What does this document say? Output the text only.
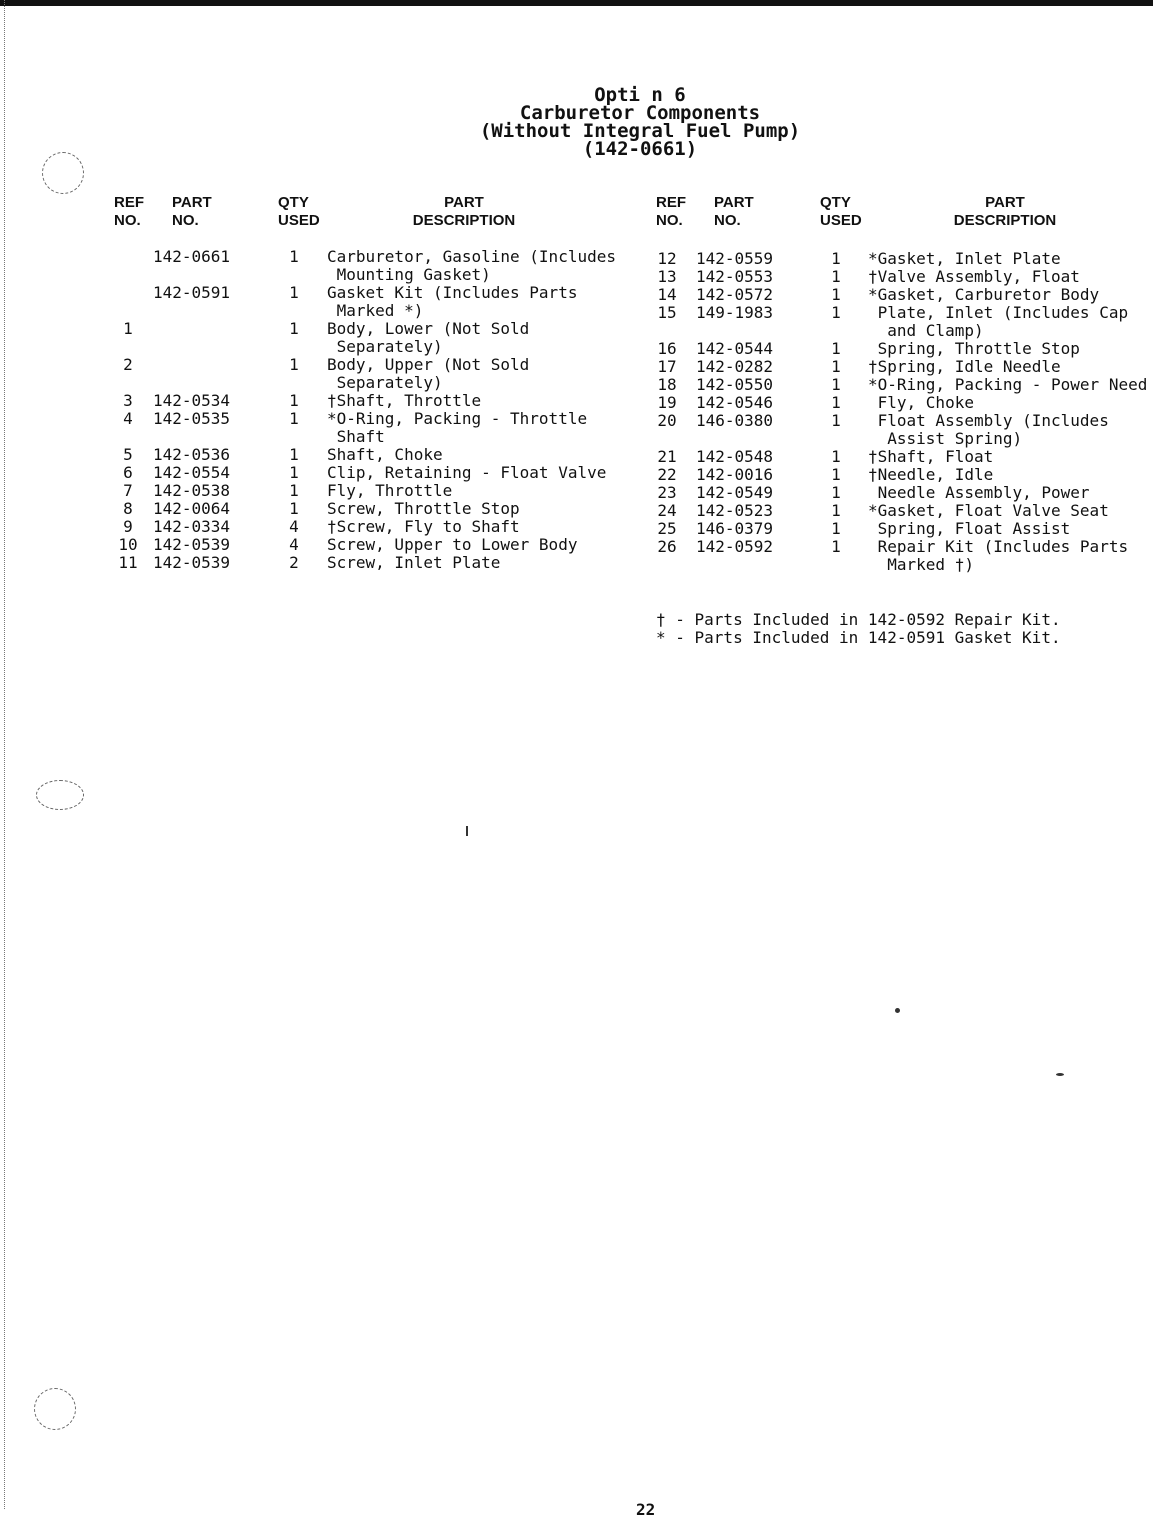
Opti n 6
Carburetor Components
(Without Integral Fuel Pump)
(142-0661)
REF
NO.
PART
NO.
QTY
USED
PART
DESCRIPTION
REF
NO.
PART
NO.
QTY
USED
PART
DESCRIPTION

1

2

3
4

5
6
7
8
9
10
11
142-0661

142-0591

142-0534
142-0535

142-0536
142-0554
142-0538
142-0064
142-0334
142-0539
142-0539
1

1

1

1

1
1

1
1
1
1
4
4
2
Carburetor, Gasoline (Includes
Mounting Gasket)
Gasket Kit (Includes Parts
Marked *)
Body, Lower (Not Sold
Separately)
Body, Upper (Not Sold
Separately)
†Shaft, Throttle
*O-Ring, Packing - Throttle
Shaft
Shaft, Choke
Clip, Retaining - Float Valve
Fly, Throttle
Screw, Throttle Stop
†Screw, Fly to Shaft
Screw, Upper to Lower Body
Screw, Inlet Plate
12
13
14
15

16
17
18
19
20

21
22
23
24
25
26

142-0559
142-0553
142-0572
149-1983

142-0544
142-0282
142-0550
142-0546
146-0380

142-0548
142-0016
142-0549
142-0523
146-0379
142-0592

1
1
1
1

1
1
1
1
1

1
1
1
1
1
1

*Gasket, Inlet Plate
†Valve Assembly, Float
*Gasket, Carburetor Body
Plate, Inlet (Includes Cap
and Clamp)
Spring, Throttle Stop
†Spring, Idle Needle
*O-Ring, Packing - Power Need
Fly, Choke
Float Assembly (Includes
Assist Spring)
†Shaft, Float
†Needle, Idle
Needle Assembly, Power
*Gasket, Float Valve Seat
Spring, Float Assist
Repair Kit (Includes Parts
Marked †)
† - Parts Included in 142-0592 Repair Kit.
* - Parts Included in 142-0591 Gasket Kit.
22
